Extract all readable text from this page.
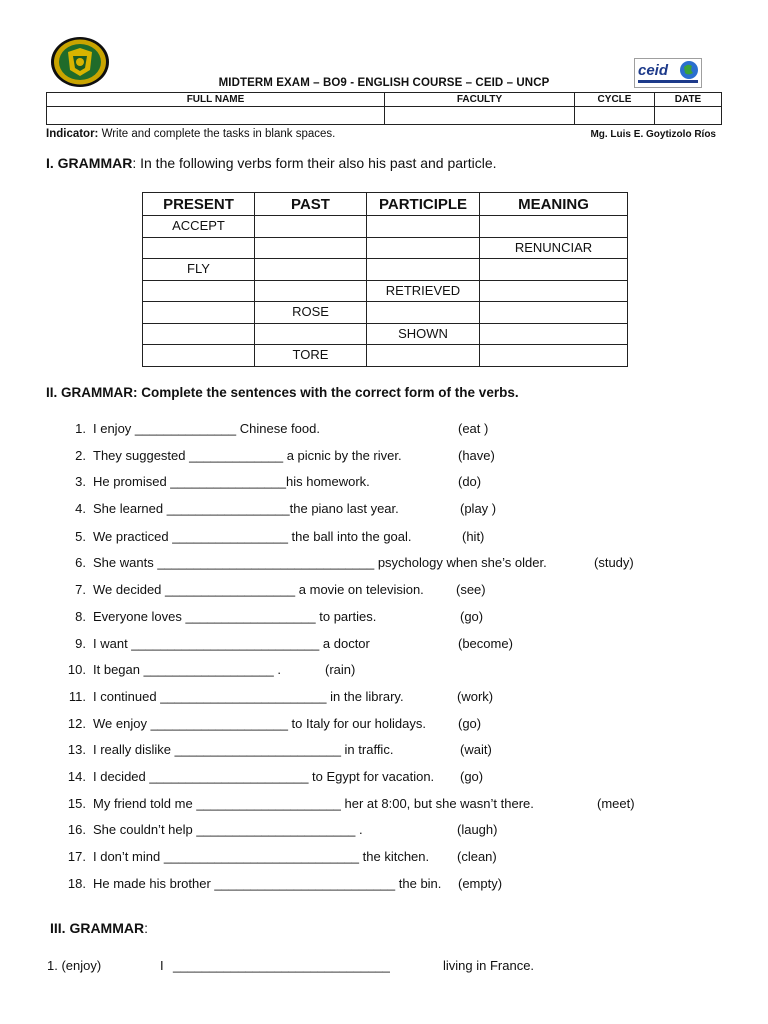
ceid
MIDTERM EXAM – BO9 - ENGLISH COURSE – CEID – UNCP
FULL NAME	FACULTY	CYCLE	DATE

Indicator: Write and complete the tasks in blank spaces.	Mg. Luis E. Goytizolo Ríos
I. GRAMMAR: In the following verbs form their also his past and particle.
PRESENT	PAST	PARTICIPLE	MEANING
ACCEPT			
			RENUNCIAR
FLY			
		RETRIEVED	
	ROSE		
		SHOWN	
	TORE		
II. GRAMMAR: Complete the sentences with the correct form of the verbs.
1. I enjoy ______________ Chinese food.	(eat )
2. They suggested _____________ a picnic by the river.	(have)
3. He promised ________________his homework.	(do)
4. She learned _________________the piano last year.	(play )
5. We practiced ________________ the ball into the goal.	(hit)
6. She wants ______________________________ psychology when she’s older.	(study)
7. We decided __________________ a movie on television. (see)
8. Everyone loves __________________ to parties.	(go)
9. I want __________________________ a doctor	(become)
10. It began __________________ .	(rain)
11. I continued _______________________ in the library.	(work)
12. We enjoy ___________________ to Italy for our holidays. (go)
13. I really dislike _______________________ in traffic.	(wait)
14. I decided ______________________ to Egypt for vacation. (go)
15. My friend told me ____________________ her at 8:00, but she wasn’t there.	(meet)
16. She couldn’t help ______________________ .	(laugh)
17. I don’t mind ___________________________ the kitchen. (clean)
18. He made his brother _________________________ the bin. (empty)
III. GRAMMAR:
1. (enjoy)	I ______________________________	living in France.
